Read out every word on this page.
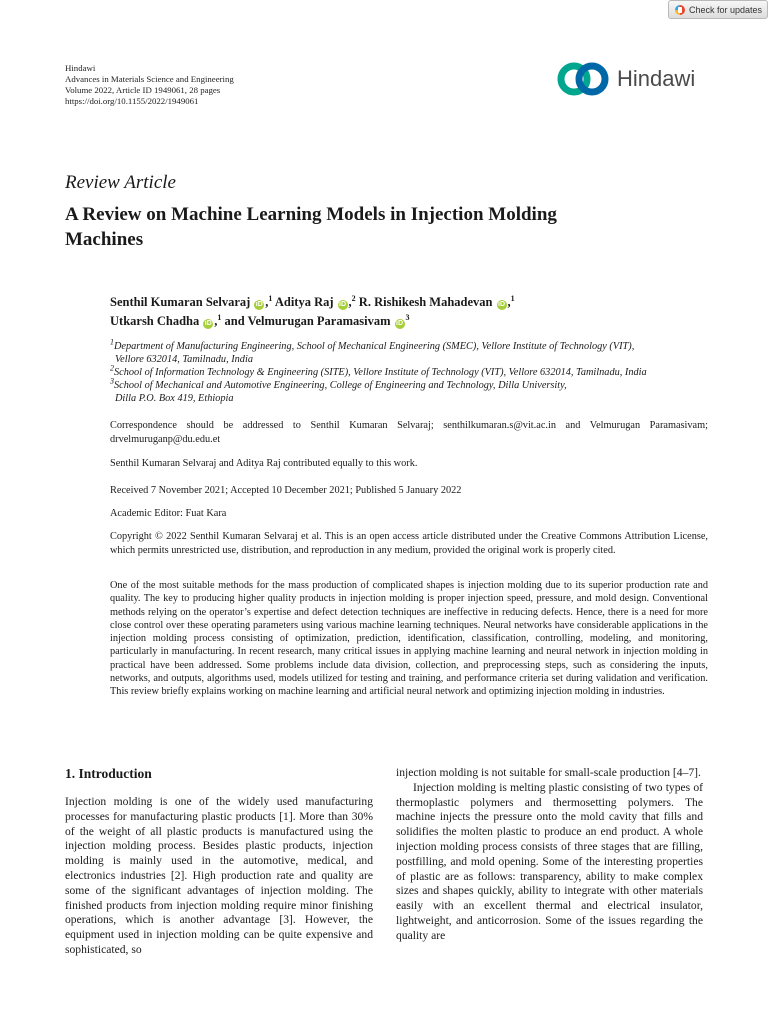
Check for updates
Hindawi
Advances in Materials Science and Engineering
Volume 2022, Article ID 1949061, 28 pages
https://doi.org/10.1155/2022/1949061
Hindawi
Review Article
A Review on Machine Learning Models in Injection Molding Machines
Senthil Kumaran Selvaraj iD ,$^1$ Aditya Raj iD ,$^2$ R. Rishikesh Mahadevan iD ,$^1$
Utkarsh Chadha iD ,$^1$ and Velmurugan Paramasivam $iD^3$

$^1$Department of Manufacturing Engineering, School of Mechanical Engineering (SMEC), Vellore Institute of Technology (VIT),
Vellore 632014, Tamilnadu, India

$^2$School of Information Technology & Engineering (SITE), Vellore Institute of Technology (VIT), Vellore 632014, Tamilnadu, India

$^3$School of Mechanical and Automotive Engineering, College of Engineering and Technology, Dilla University,
Dilla P.O. Box 419, Ethiopia

Correspondence should be addressed to Senthil Kumaran Selvaraj; senthilkumaran.s@vit.ac.in and Velmurugan Paramasivam; drvelmuruganp@du.edu.et

Senthil Kumaran Selvaraj and Aditya Raj contributed equally to this work.

Received 7 November 2021; Accepted 10 December 2021; Published 5 January 2022

Academic Editor: Fuat Kara

Copyright © 2022 Senthil Kumaran Selvaraj et al. This is an open access article distributed under the Creative Commons Attribution License, which permits unrestricted use, distribution, and reproduction in any medium, provided the original work is properly cited.

One of the most suitable methods for the mass production of complicated shapes is injection molding due to its superior production rate and quality. The key to producing higher quality products in injection molding is proper injection speed, pressure, and mold design. Conventional methods relying on the operator’s expertise and defect detection techniques are ineffective in reducing defects. Hence, there is a need for more close control over these operating parameters using various machine learning techniques. Neural networks have considerable applications in the injection molding process consisting of optimization, prediction, identification, classification, controlling, modeling, and monitoring, particularly in manufacturing. In recent research, many critical issues in applying machine learning and neural network in injection molding in practical have been addressed. Some problems include data division, collection, and preprocessing steps, such as considering the inputs, networks, and outputs, algorithms used, models utilized for testing and training, and performance criteria set during validation and verification. This review briefly explains working on machine learning and artificial neural network and optimizing injection molding in industries.

1. Introduction

Injection molding is one of the widely used manufacturing processes for manufacturing plastic products [1]. More than 30% of the weight of all plastic products is manufactured using the injection molding process. Besides plastic products, injection molding is mainly used in the automotive, medical, and electronics industries [2]. High production rate and quality are some of the significant advantages of injection molding. The finished products from injection molding require minor finishing operations, which is another advantage [3]. However, the equipment used in injection molding can be quite expensive and sophisticated, so

injection molding is not suitable for small-scale production [4–7].

Injection molding is melting plastic consisting of two types of thermoplastic polymers and thermosetting polymers. The machine injects the pressure onto the mold cavity that fills and solidifies the molten plastic to produce an end product. A whole injection molding process consists of three stages that are filling, postfilling, and mold opening. Some of the interesting properties of plastic are as follows: transparency, ability to make complex sizes and shapes quickly, ability to integrate with other materials easily with an excellent thermal and electrical insulator, lightweight, and anticorrosion. Some of the issues regarding the quality are
